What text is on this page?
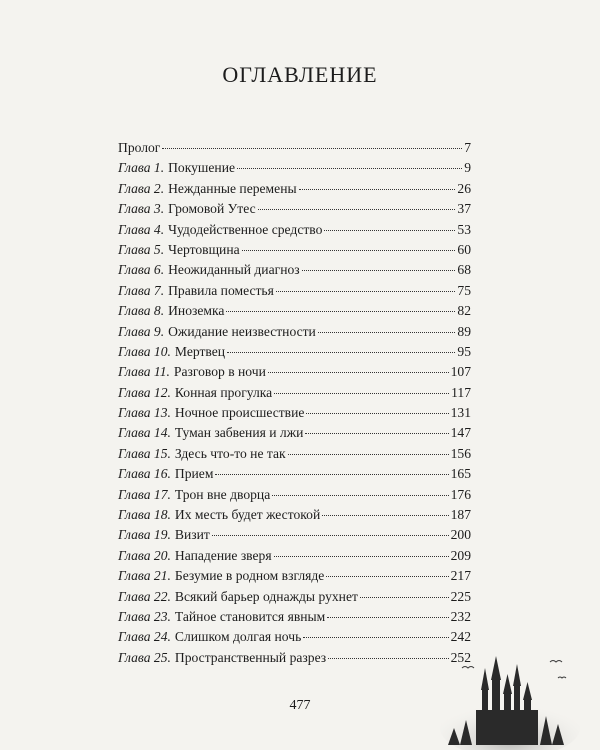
ОГЛАВЛЕНИЕ
Пролог	7
Глава 1. Покушение	9
Глава 2. Нежданные перемены	26
Глава 3. Громовой Утес	37
Глава 4. Чудодейственное средство	53
Глава 5. Чертовщина	60
Глава 6. Неожиданный диагноз	68
Глава 7. Правила поместья	75
Глава 8. Иноземка	82
Глава 9. Ожидание неизвестности	89
Глава 10. Мертвец	95
Глава 11. Разговор в ночи	107
Глава 12. Конная прогулка	117
Глава 13. Ночное происшествие	131
Глава 14. Туман забвения и лжи	147
Глава 15. Здесь что-то не так	156
Глава 16. Прием	165
Глава 17. Трон вне дворца	176
Глава 18. Их месть будет жестокой	187
Глава 19. Визит	200
Глава 20. Нападение зверя	209
Глава 21. Безумие в родном взгляде	217
Глава 22. Всякий барьер однажды рухнет	225
Глава 23. Тайное становится явным	232
Глава 24. Слишком долгая ночь	242
Глава 25. Пространственный разрез	252
477
